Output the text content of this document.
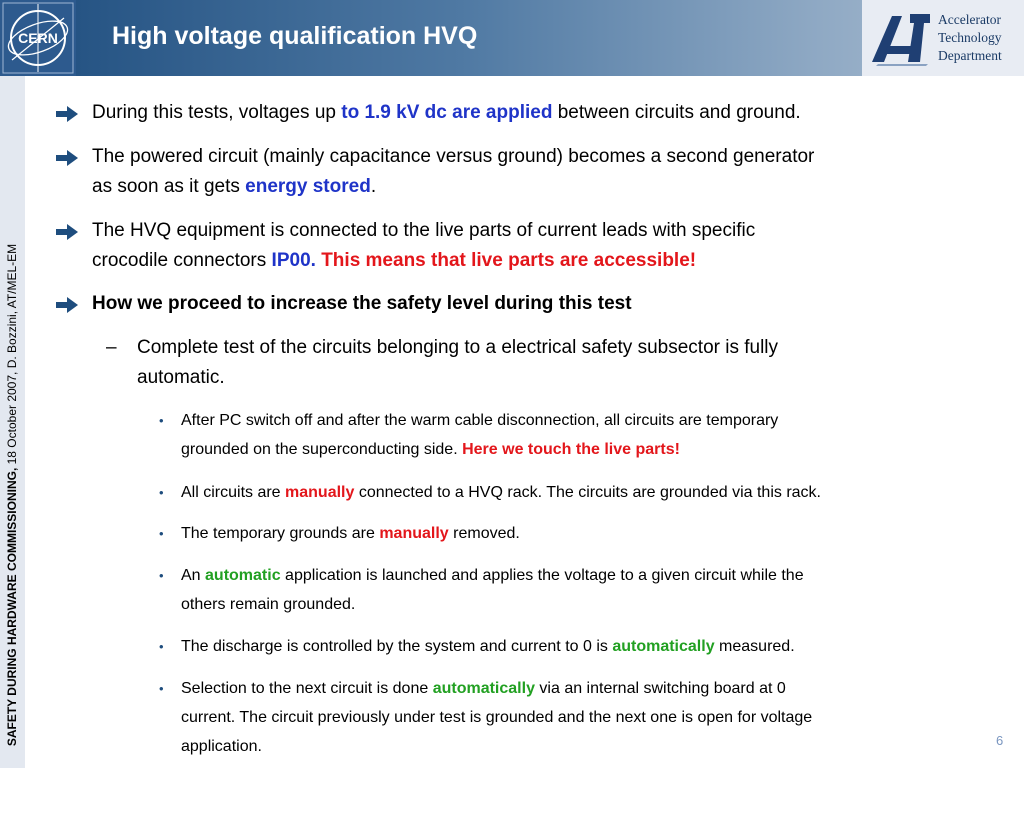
CERN High voltage qualification HVQ
Accelerator
Technology
Department
SAFETY DURING HARDWARE COMMISSIONING, 18 October 2007, D. Bozzini, AT/MEL-EM
During this tests, voltages up to 1.9 kV dc are applied between circuits and ground.
The powered circuit (mainly capacitance versus ground) becomes a second generator
as soon as it gets energy stored.
The HVQ equipment is connected to the live parts of current leads with specific
crocodile connectors IP00. This means that live parts are accessible!
How we proceed to increase the safety level during this test
– Complete test of the circuits belonging to a electrical safety subsector is fully
automatic.
• After PC switch off and after the warm cable disconnection, all circuits are temporary
grounded on the superconducting side. Here we touch the live parts!
• All circuits are manually connected to a HVQ rack. The circuits are grounded via this rack.
• The temporary grounds are manually removed.
• An automatic application is launched and applies the voltage to a given circuit while the
others remain grounded.
• The discharge is controlled by the system and current to 0 is automatically measured.
• Selection to the next circuit is done automatically via an internal switching board at 0
current. The circuit previously under test is grounded and the next one is open for voltage
application.	6
